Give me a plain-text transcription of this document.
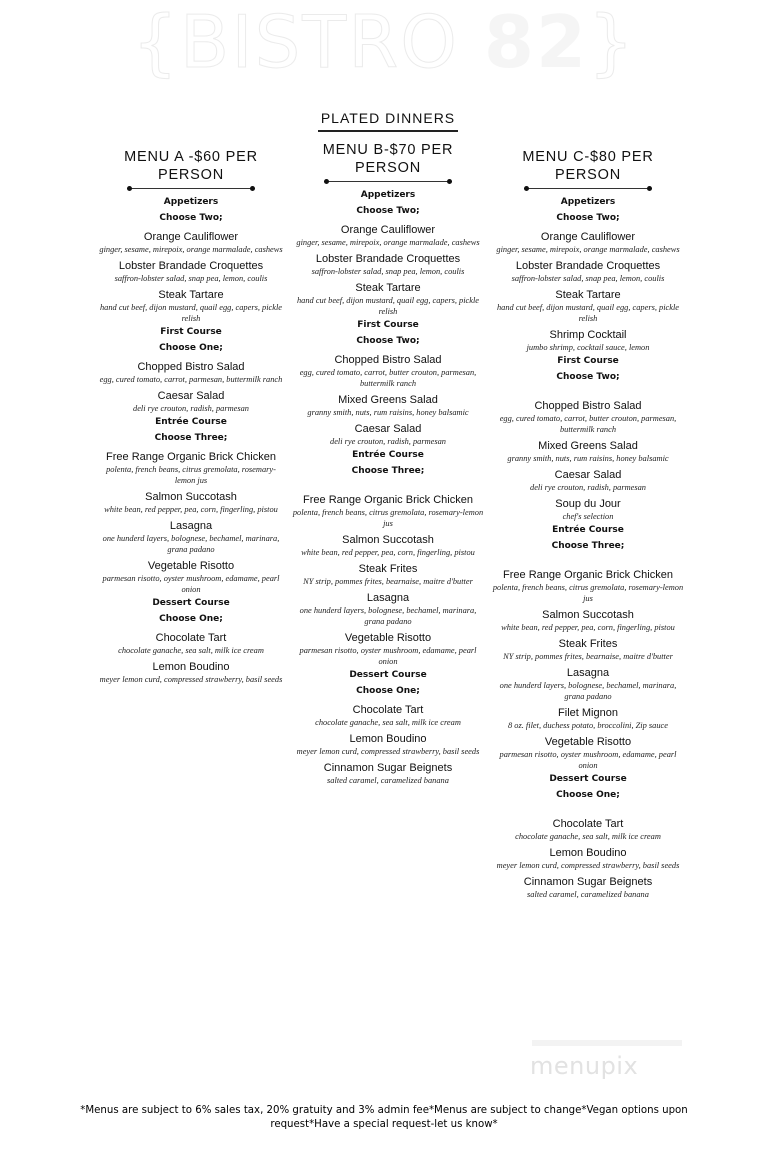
{BISTRO 82}
PLATED DINNERS
MENU A -$60 PER PERSON
Appetizers
Choose Two;
Orange Cauliflower
ginger, sesame, mirepoix, orange marmalade, cashews
Lobster Brandade Croquettes
saffron-lobster salad, snap pea, lemon, coulis
Steak Tartare
hand cut beef, dijon mustard, quail egg, capers, pickle relish
First Course
Choose One;
Chopped Bistro Salad
egg, cured tomato, carrot, parmesan, buttermilk ranch
Caesar Salad
deli rye crouton, radish, parmesan
Entrée Course
Choose Three;
Free Range Organic Brick Chicken
polenta, french beans, citrus gremolata, rosemary-lemon jus
Salmon Succotash
white bean, red pepper, pea, corn, fingerling, pistou
Lasagna
one hunderd layers, bolognese, bechamel, marinara, grana padano
Vegetable Risotto
parmesan risotto, oyster mushroom, edamame, pearl onion
Dessert Course
Choose One;
Chocolate Tart
chocolate ganache, sea salt, milk ice cream
Lemon Boudino
meyer lemon curd, compressed strawberry, basil seeds
MENU B-$70 PER PERSON
Appetizers
Choose Two;
Orange Cauliflower
ginger, sesame, mirepoix, orange marmalade, cashews
Lobster Brandade Croquettes
saffron-lobster salad, snap pea, lemon, coulis
Steak Tartare
hand cut beef, dijon mustard, quail egg, capers, pickle relish
First Course
Choose Two;
Chopped Bistro Salad
egg, cured tomato, carrot, butter crouton, parmesan, buttermilk ranch
Mixed Greens Salad
granny smith, nuts, rum raisins, honey balsamic
Caesar Salad
deli rye crouton, radish, parmesan
Entrée Course
Choose Three;
Free Range Organic Brick Chicken
polenta, french beans, citrus gremolata, rosemary-lemon jus
Salmon Succotash
white bean, red pepper, pea, corn, fingerling, pistou
Steak Frites
NY strip, pommes frites, bearnaise, maitre d'butter
Lasagna
one hunderd layers, bolognese, bechamel, marinara, grana padano
Vegetable Risotto
parmesan risotto, oyster mushroom, edamame, pearl onion
Dessert Course
Choose One;
Chocolate Tart
chocolate ganache, sea salt, milk ice cream
Lemon Boudino
meyer lemon curd, compressed strawberry, basil seeds
Cinnamon Sugar Beignets
salted caramel, caramelized banana
MENU C-$80 PER PERSON
Appetizers
Choose Two;
Orange Cauliflower
ginger, sesame, mirepoix, orange marmalade, cashews
Lobster Brandade Croquettes
saffron-lobster salad, snap pea, lemon, coulis
Steak Tartare
hand cut beef, dijon mustard, quail egg, capers, pickle relish
Shrimp Cocktail
jumbo shrimp, cocktail sauce, lemon
First Course
Choose Two;
Chopped Bistro Salad
egg, cured tomato, carrot, butter crouton, parmesan, buttermilk ranch
Mixed Greens Salad
granny smith, nuts, rum raisins, honey balsamic
Caesar Salad
deli rye crouton, radish, parmesan
Soup du Jour
chef's selection
Entrée Course
Choose Three;
Free Range Organic Brick Chicken
polenta, french beans, citrus gremolata, rosemary-lemon jus
Salmon Succotash
white bean, red pepper, pea, corn, fingerling, pistou
Steak Frites
NY strip, pommes frites, bearnaise, maitre d'butter
Lasagna
one hunderd layers, bolognese, bechamel, marinara, grana padano
Filet Mignon
8 oz. filet, duchess potato, broccolini, Zip sauce
Vegetable Risotto
parmesan risotto, oyster mushroom, edamame, pearl onion
Dessert Course
Choose One;
Chocolate Tart
chocolate ganache, sea salt, milk ice cream
Lemon Boudino
meyer lemon curd, compressed strawberry, basil seeds
Cinnamon Sugar Beignets
salted caramel, caramelized banana
menupix
*Menus are subject to 6% sales tax, 20% gratuity and 3% admin fee*Menus are subject to change*Vegan options upon
request*Have a special request-let us know*
